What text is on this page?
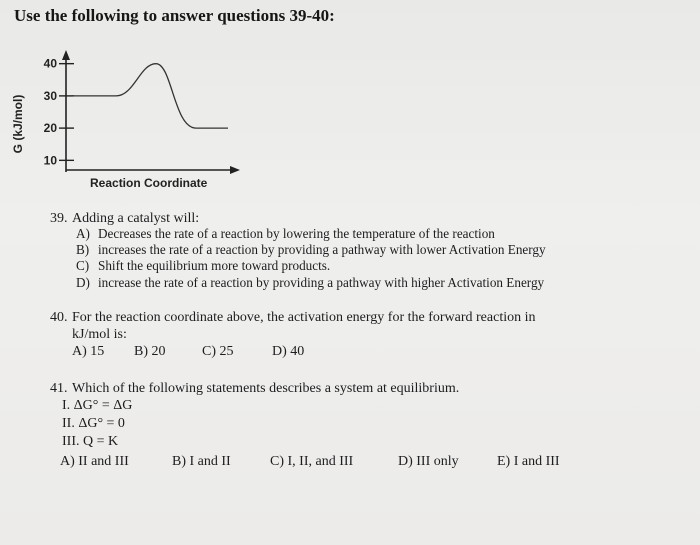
Use the following to answer questions 39-40:
G (kJ/mol)
10
20
30
40
Reaction Coordinate
39. Adding a catalyst will:
A) Decreases the rate of a reaction by lowering the temperature of the reaction
B) increases the rate of a reaction by providing a pathway with lower Activation Energy
C) Shift the equilibrium more toward products.
D) increase the rate of a reaction by providing a pathway with higher Activation Energy
40. For the reaction coordinate above, the activation energy for the forward reaction in
kJ/mol is:
A) 15 B) 20	C) 25	D) 40
41. Which of the following statements describes a system at equilibrium.
I. ΔG° = ΔG
II. ΔG° = 0
III. Q = K
A) II and III	B) I and II	C) I, II, and III	D) III only	E) I and III
